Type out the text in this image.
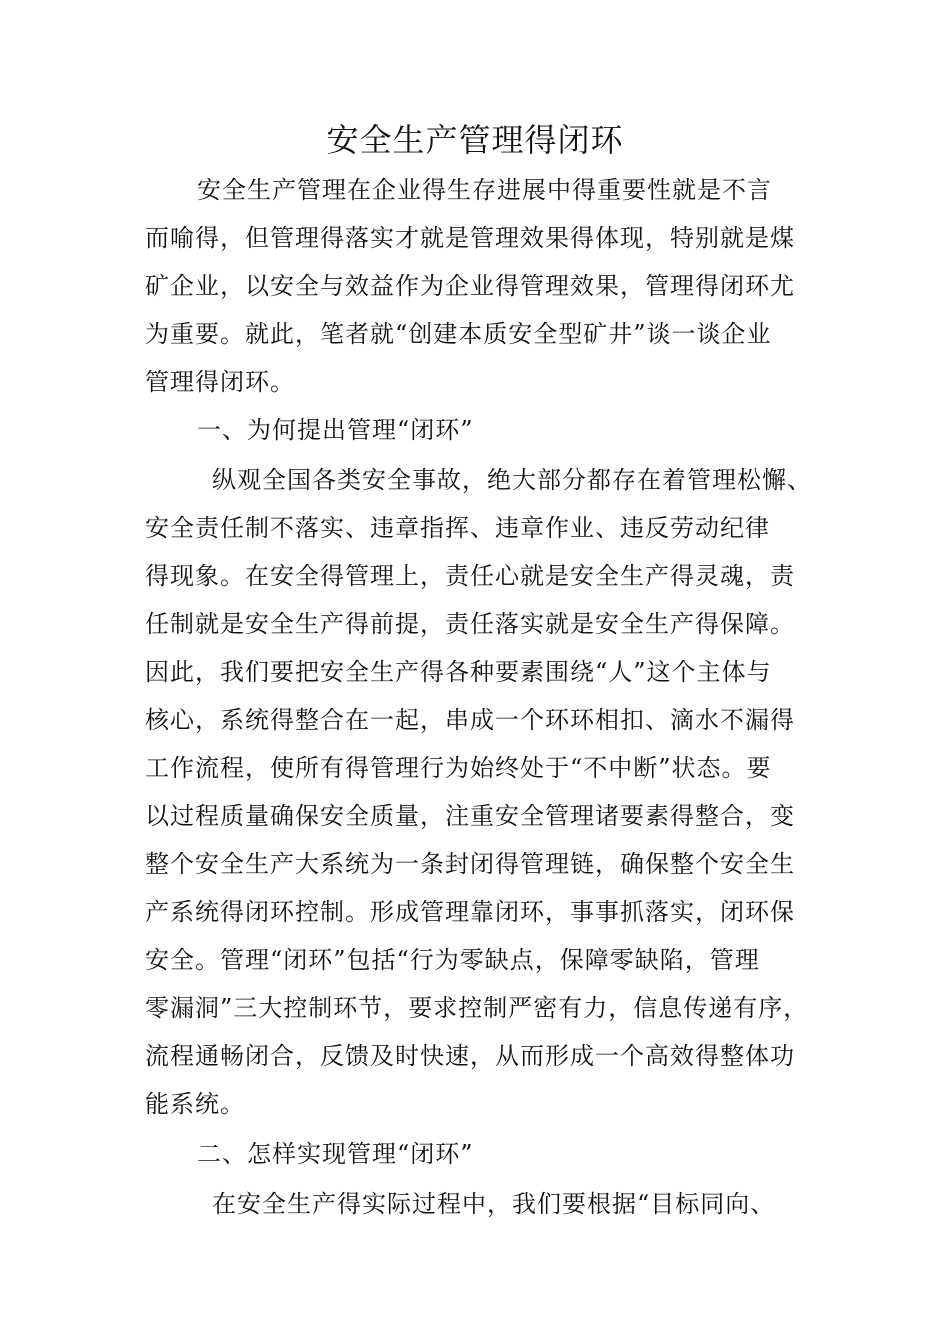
安全生产管理得闭环
安全生产管理在企业得生存进展中得重要性就是不言
而喻得，但管理得落实才就是管理效果得体现，特别就是煤
矿企业，以安全与效益作为企业得管理效果，管理得闭环尤
为重要。就此，笔者就“创建本质安全型矿井”谈一谈企业
管理得闭环。
一、为何提出管理“闭环”
纵观全国各类安全事故，绝大部分都存在着管理松懈、
安全责任制不落实、违章指挥、违章作业、违反劳动纪律
得现象。在安全得管理上，责任心就是安全生产得灵魂，责
任制就是安全生产得前提，责任落实就是安全生产得保障。
因此，我们要把安全生产得各种要素围绕“人”这个主体与
核心，系统得整合在一起，串成一个环环相扣、滴水不漏得
工作流程，使所有得管理行为始终处于“不中断”状态。要
以过程质量确保安全质量，注重安全管理诸要素得整合，变
整个安全生产大系统为一条封闭得管理链，确保整个安全生
产系统得闭环控制。形成管理靠闭环，事事抓落实，闭环保
安全。管理“闭环”包括“行为零缺点，保障零缺陷，管理
零漏洞”三大控制环节，要求控制严密有力，信息传递有序，
流程通畅闭合，反馈及时快速，从而形成一个高效得整体功
能系统。
二、怎样实现管理“闭环”
在安全生产得实际过程中，我们要根据“目标同向、
